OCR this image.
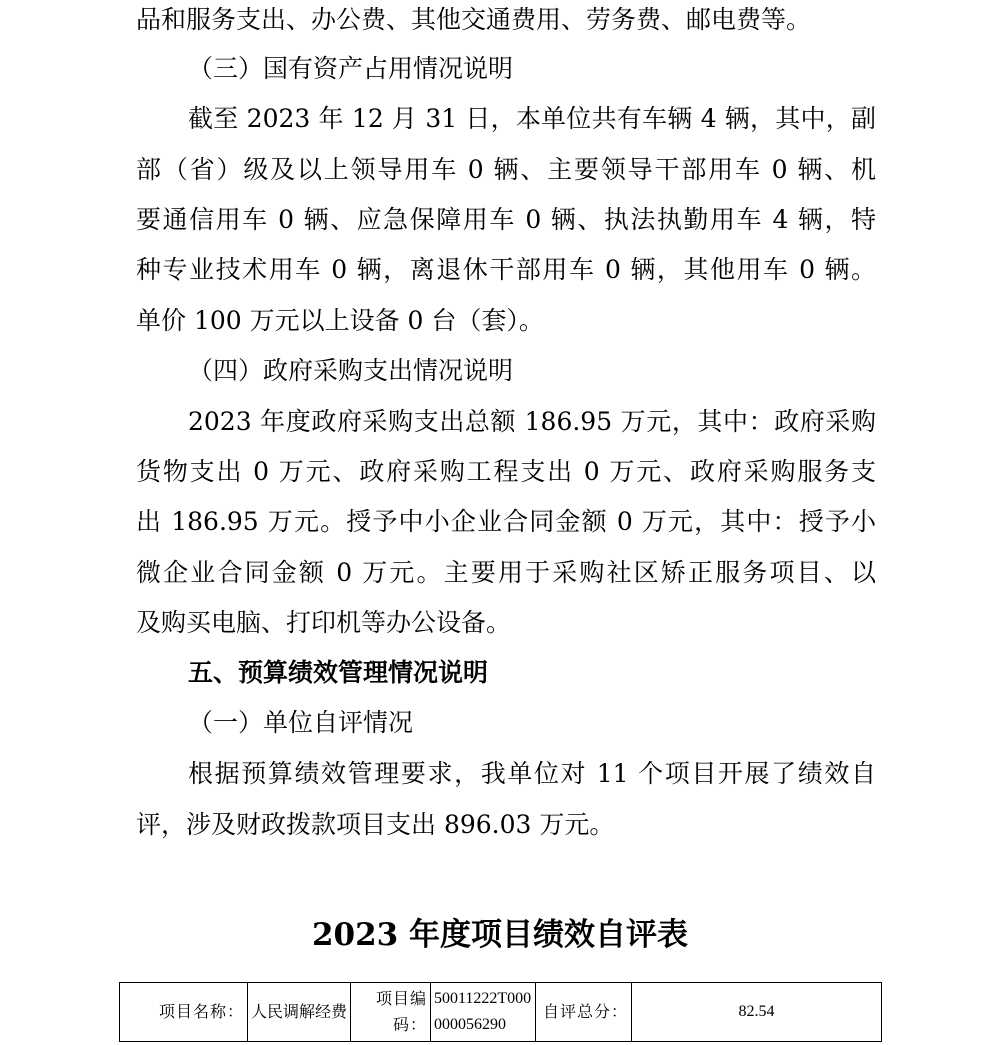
品和服务支出、办公费、其他交通费用、劳务费、邮电费等。
（三）国有资产占用情况说明
截至 2023 年 12 月 31 日，本单位共有车辆 4 辆，其中，副
部（省）级及以上领导用车 0 辆、主要领导干部用车 0 辆、机
要通信用车 0 辆、应急保障用车 0 辆、执法执勤用车 4 辆，特
种专业技术用车 0 辆，离退休干部用车 0 辆，其他用车 0 辆。
单价 100 万元以上设备 0 台（套）。
（四）政府采购支出情况说明
2023 年度政府采购支出总额 186.95 万元，其中：政府采购
货物支出 0 万元、政府采购工程支出 0 万元、政府采购服务支
出 186.95 万元。授予中小企业合同金额 0 万元，其中：授予小
微企业合同金额 0 万元。主要用于采购社区矫正服务项目、以
及购买电脑、打印机等办公设备。
五、预算绩效管理情况说明
（一）单位自评情况
根据预算绩效管理要求，我单位对 11 个项目开展了绩效自
评，涉及财政拨款项目支出 896.03 万元。
2023 年度项目绩效自评表
项目名称：	人民调解经费	项目编码：	50011222T000000056290	自评总分：	82.54
